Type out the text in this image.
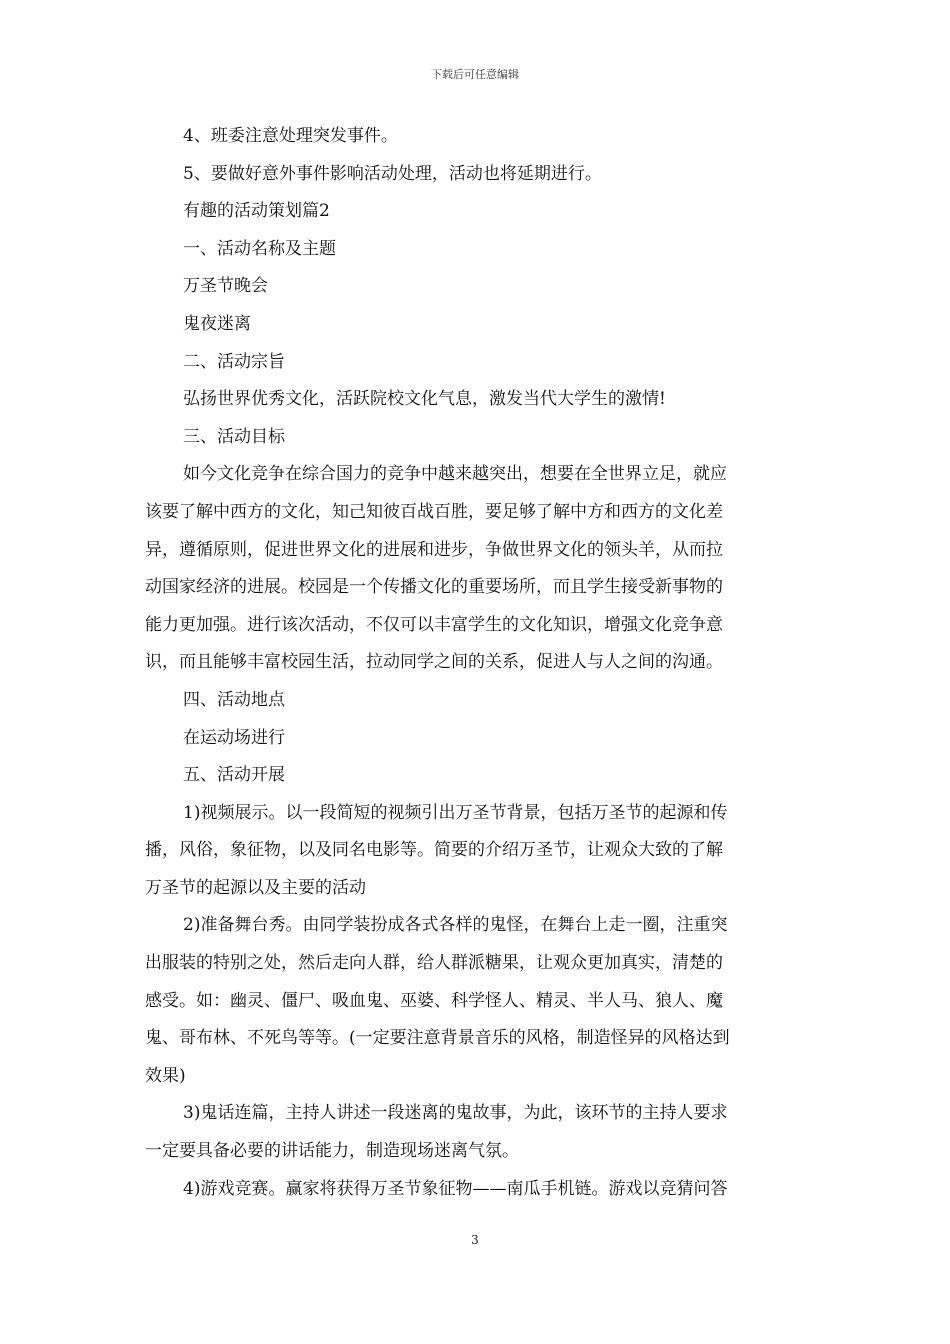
下载后可任意编辑
4、班委注意处理突发事件。
5、要做好意外事件影响活动处理，活动也将延期进行。
有趣的活动策划篇2
一、活动名称及主题
万圣节晚会
鬼夜迷离
二、活动宗旨
弘扬世界优秀文化，活跃院校文化气息，激发当代大学生的激情!
三、活动目标
如今文化竞争在综合国力的竞争中越来越突出，想要在全世界立足，就应
该要了解中西方的文化，知己知彼百战百胜，要足够了解中方和西方的文化差
异，遵循原则，促进世界文化的进展和进步，争做世界文化的领头羊，从而拉
动国家经济的进展。校园是一个传播文化的重要场所，而且学生接受新事物的
能力更加强。进行该次活动，不仅可以丰富学生的文化知识，增强文化竞争意
识，而且能够丰富校园生活，拉动同学之间的关系，促进人与人之间的沟通。
四、活动地点
在运动场进行
五、活动开展
1)视频展示。以一段简短的视频引出万圣节背景，包括万圣节的起源和传
播，风俗，象征物，以及同名电影等。简要的介绍万圣节，让观众大致的了解
万圣节的起源以及主要的活动
2)准备舞台秀。由同学装扮成各式各样的鬼怪，在舞台上走一圈，注重突
出服装的特别之处，然后走向人群，给人群派糖果，让观众更加真实，清楚的
感受。如：幽灵、僵尸、吸血鬼、巫婆、科学怪人、精灵、半人马、狼人、魔
鬼、哥布林、不死鸟等等。(一定要注意背景音乐的风格，制造怪异的风格达到
效果)
3)鬼话连篇，主持人讲述一段迷离的鬼故事，为此，该环节的主持人要求
一定要具备必要的讲话能力，制造现场迷离气氛。
4)游戏竞赛。赢家将获得万圣节象征物——南瓜手机链。游戏以竞猜问答
3
